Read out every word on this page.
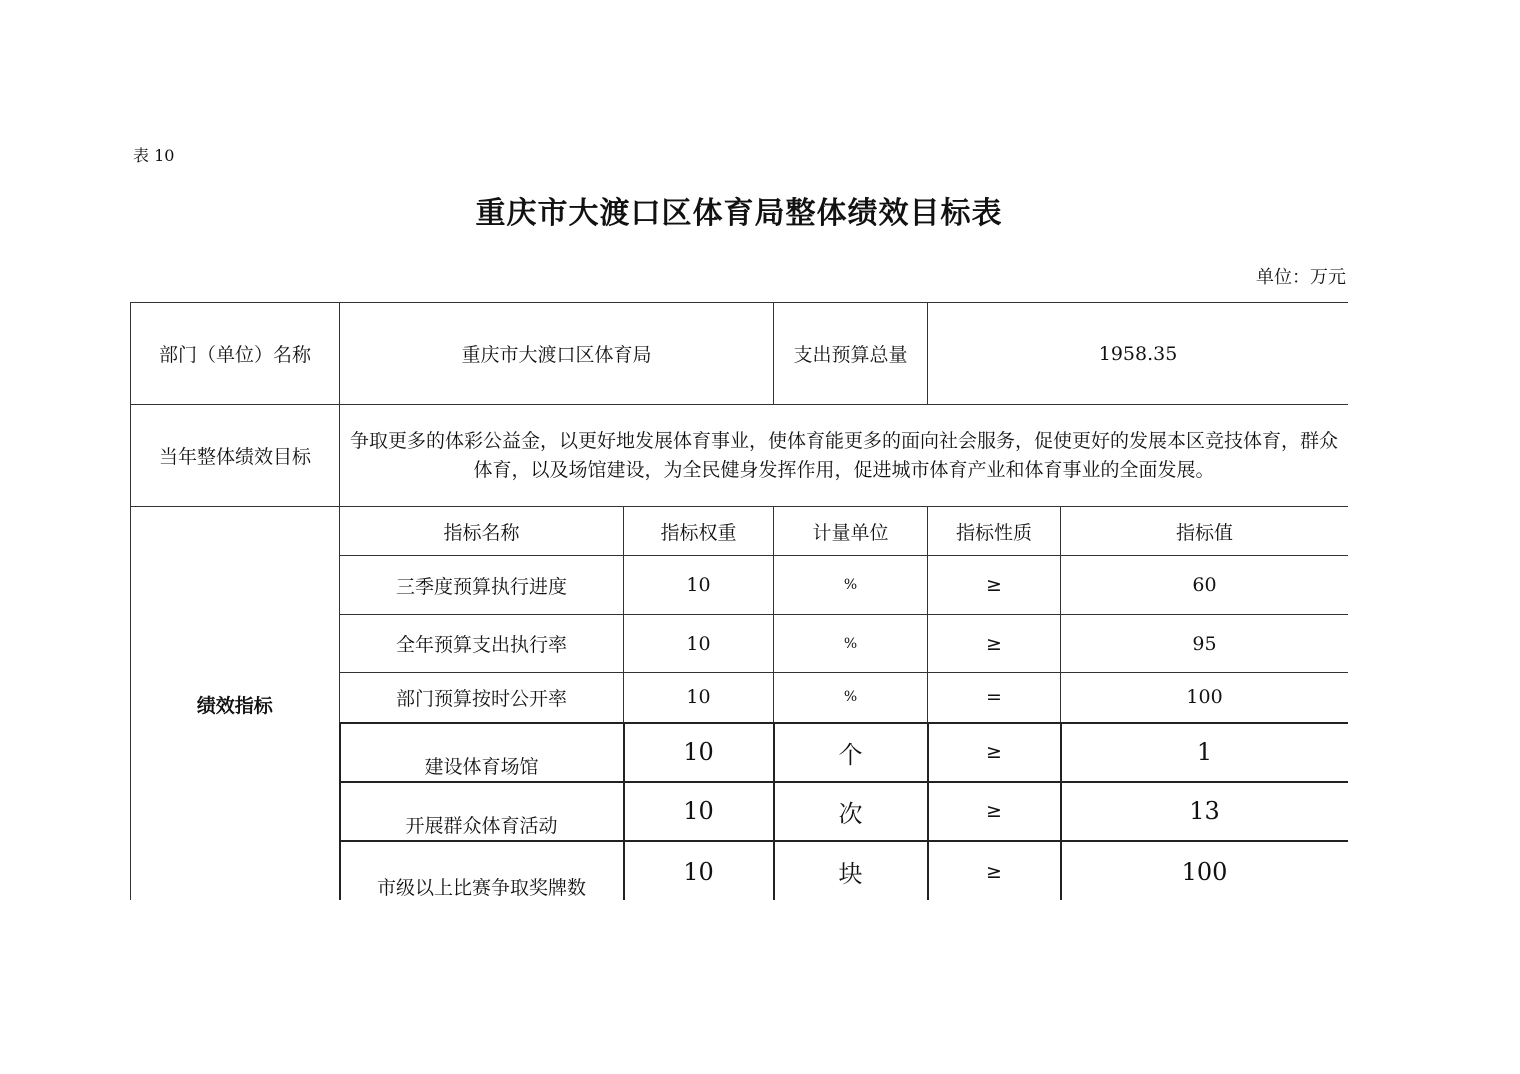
表 10
重庆市大渡口区体育局整体绩效目标表
单位：万元
部门（单位）名称	重庆市大渡口区体育局		支出预算总量	1958.35	
当年整体绩效目标	争取更多的体彩公益金，以更好地发展体育事业，使体育能更多的面向社会服务，促使更好的发展本区竞技体育，群众体育，以及场馆建设，为全民健身发挥作用，促进城市体育产业和体育事业的全面发展。				
绩效指标	指标名称	指标权重	计量单位	指标性质	指标值
	三季度预算执行进度	10	%	≥	60
	全年预算支出执行率	10	%	≥	95
	部门预算按时公开率	10	%	=	100
	建设体育场馆	10	个	≥	1
	开展群众体育活动	10	次	≥	13
	市级以上比赛争取奖牌数	10	块	≥	100
